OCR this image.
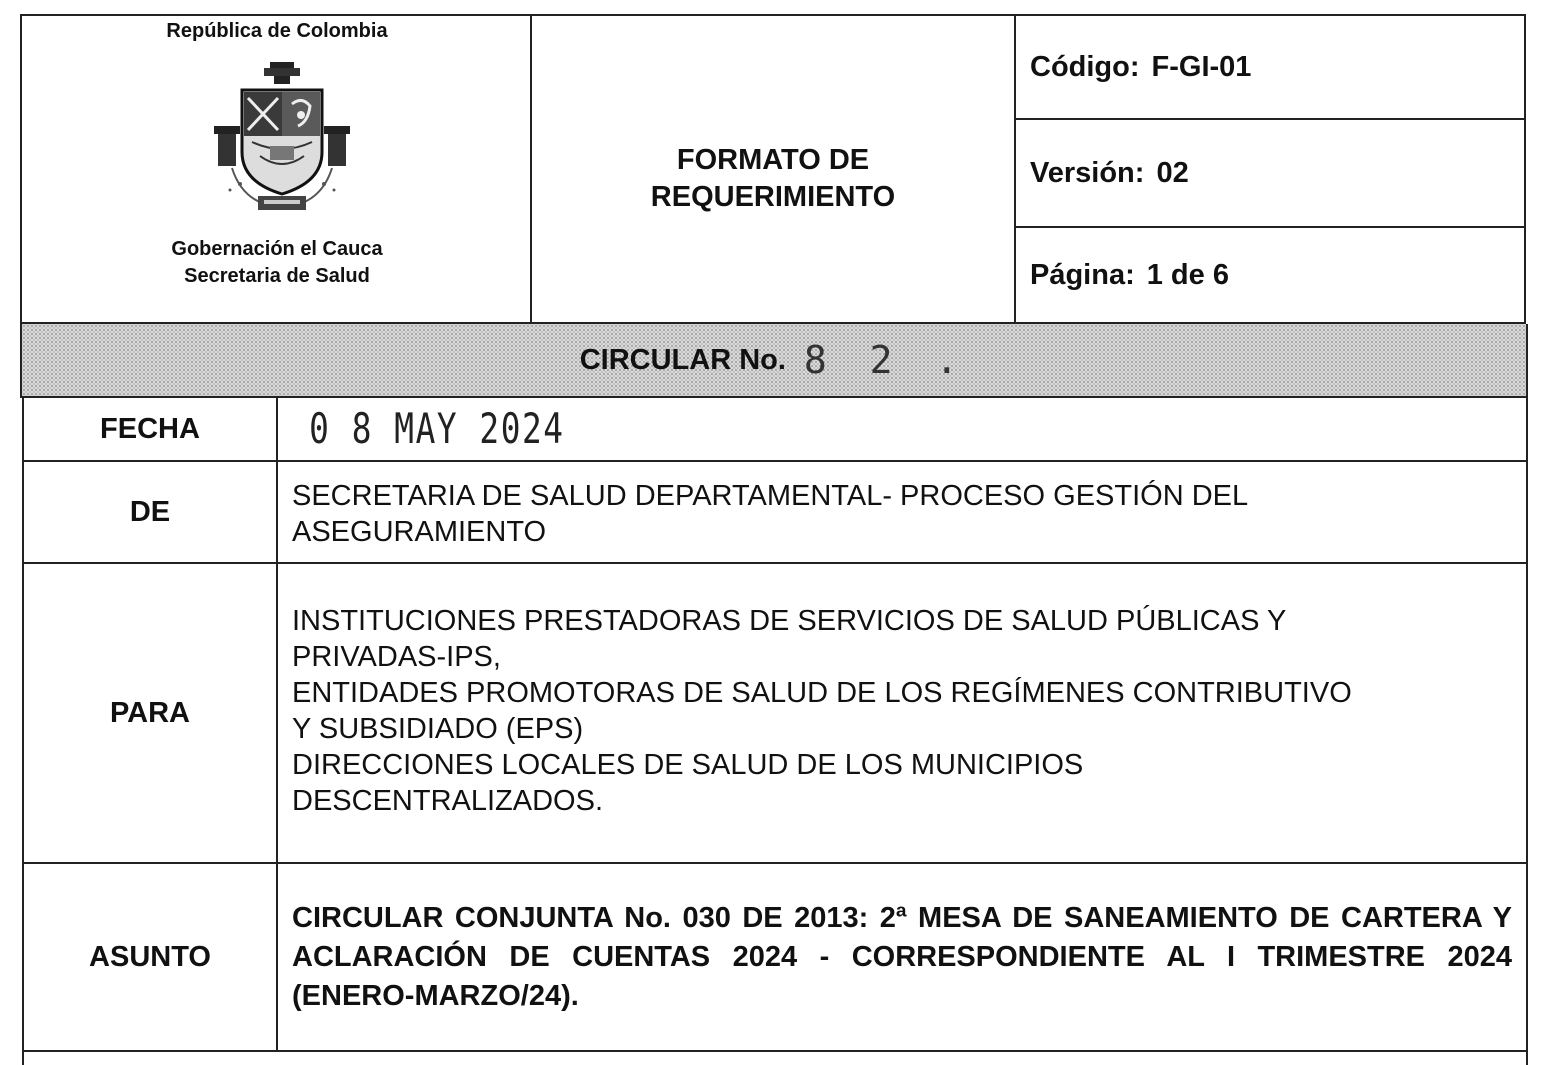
República de Colombia
Gobernación el Cauca
Secretaria de Salud
FORMATO DE
REQUERIMIENTO
Código: F-GI-01
Versión: 02
Página: 1 de 6
CIRCULAR No. 8 2 .
FECHA	0 8 MAY 2024
DE	SECRETARIA DE SALUD DEPARTAMENTAL- PROCESO GESTIÓN DEL
ASEGURAMIENTO
PARA
INSTITUCIONES PRESTADORAS DE SERVICIOS DE SALUD PÚBLICAS Y
PRIVADAS-IPS,
ENTIDADES PROMOTORAS DE SALUD DE LOS REGÍMENES CONTRIBUTIVO
Y SUBSIDIADO (EPS)
DIRECCIONES LOCALES DE SALUD DE LOS MUNICIPIOS
DESCENTRALIZADOS.
ASUNTO
CIRCULAR CONJUNTA No. 030 DE 2013: 2ª MESA DE SANEAMIENTO DE CARTERA Y ACLARACIÓN DE CUENTAS 2024 - CORRESPONDIENTE AL I TRIMESTRE 2024 (ENERO-MARZO/24).
